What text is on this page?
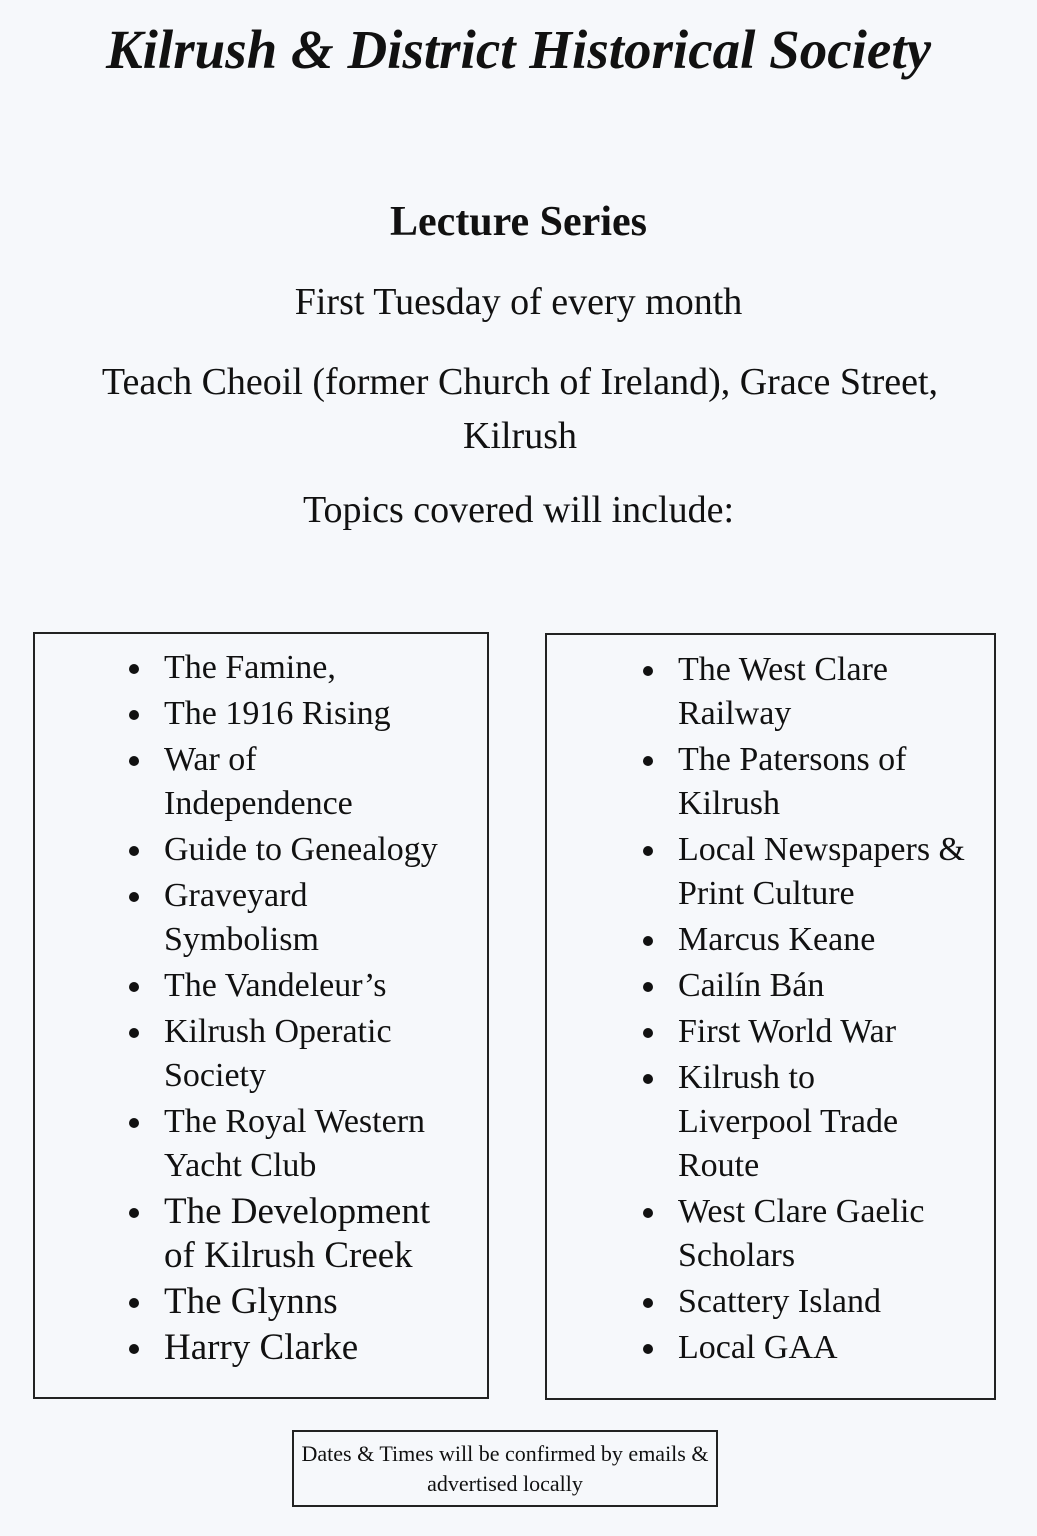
Kilrush & District Historical Society
Lecture Series
First Tuesday of every month
Teach Cheoil (former Church of Ireland), Grace Street, Kilrush
Topics covered will include:
The Famine,
The 1916 Rising
War of Independence
Guide to Genealogy
Graveyard Symbolism
The Vandeleur’s
Kilrush Operatic Society
The Royal Western Yacht Club
The Development of Kilrush Creek
The Glynns
Harry Clarke
The West Clare Railway
The Patersons of Kilrush
Local Newspapers & Print Culture
Marcus Keane
Cailín Bán
First World War
Kilrush to Liverpool Trade Route
West Clare Gaelic Scholars
Scattery Island
Local GAA
Dates & Times will be confirmed by emails & advertised locally
